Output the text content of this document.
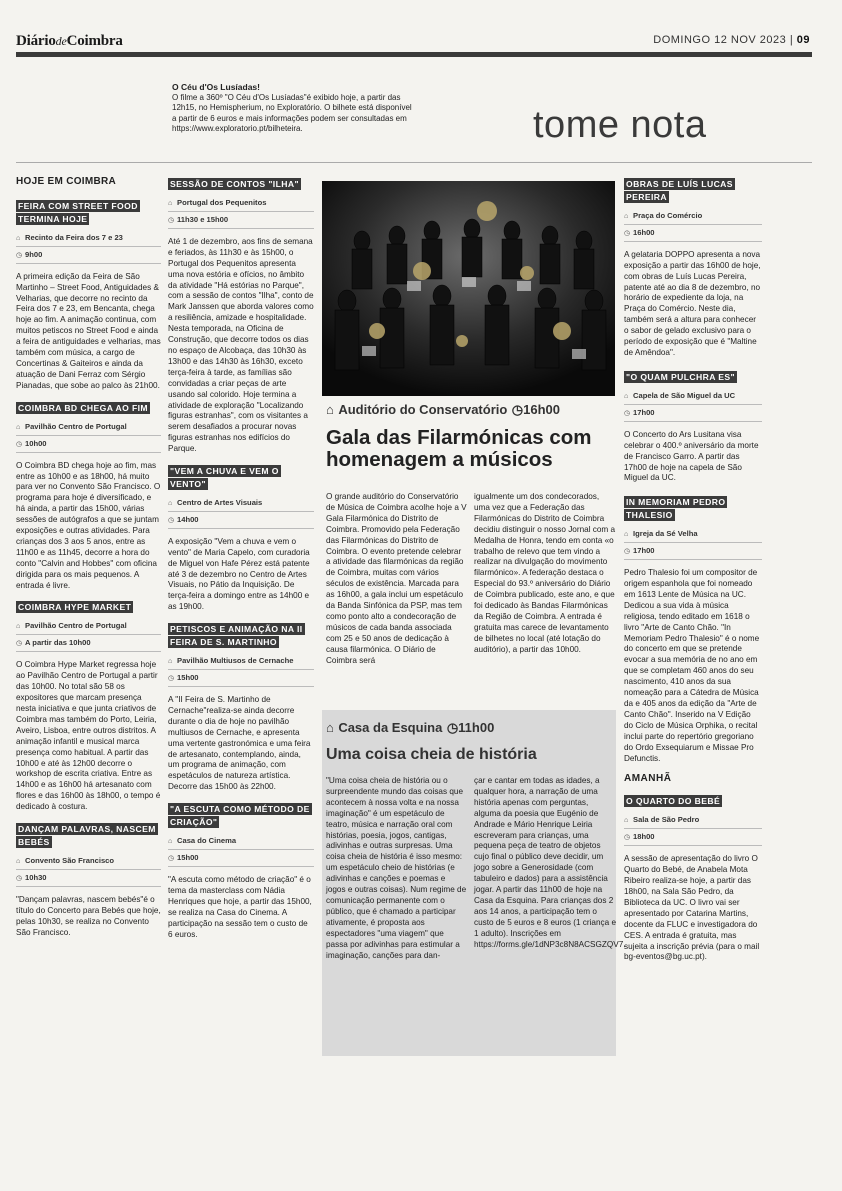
DiáriodeCoimbra	DOMINGO 12 NOV 2023 | 09
O Céu d'Os Lusíadas!
O filme a 360º "O Céu d'Os Lusíadas"é exibido hoje, a partir das 12h15, no Hemispherium, no Exploratório. O bilhete está disponível a partir de 6 euros e mais informações podem ser consultadas em https://www.exploratorio.pt/bilheteira.	tome nota
HOJE EM COIMBRA
FEIRA COM STREET FOOD TERMINA HOJE
⌂ Recinto da Feira dos 7 e 23
◷ 9h00

A primeira edição da Feira de São Martinho – Street Food, Antiguidades & Velharias, que decorre no recinto da Feira dos 7 e 23, em Bencanta, chega hoje ao fim. A animação continua, com muitos petiscos no Street Food e ainda a feira de antiguidades e velharias, mas também com música, a cargo de Concertinas & Gaiteiros e ainda da atuação de Dani Ferraz com Sérgio Pianadas, que sobe ao palco às 21h00.

COIMBRA BD CHEGA AO FIM
⌂ Pavilhão Centro de Portugal
◷ 10h00

O Coimbra BD chega hoje ao fim, mas entre as 10h00 e as 18h00, há muito para ver no Convento São Francisco. O programa para hoje é diversificado, e há ainda, a partir das 15h00, várias sessões de autógrafos a que se juntam exposições e outras atividades. Para crianças dos 3 aos 5 anos, entre as 11h00 e as 11h45, decorre a hora do conto "Calvin and Hobbes" com oficina dirigida para os mais pequenos. A entrada é livre.

COIMBRA HYPE MARKET
⌂ Pavilhão Centro de Portugal
◷ A partir das 10h00

O Coimbra Hype Market regressa hoje ao Pavilhão Centro de Portugal a partir das 10h00. No total são 58 os expositores que marcam presença nesta iniciativa e que junta criativos de Coimbra mas também do Porto, Leiria, Aveiro, Lisboa, entre outros distritos. A animação infantil e musical marca presença como habitual. A partir das 10h00 e até às 12h00 decorre o workshop de escrita criativa. Entre as 14h00 e as 16h00 há artesanato com flores e das 16h00 às 18h00, o tempo é dedicado à costura.

DANÇAM PALAVRAS, NASCEM BEBÉS
⌂ Convento São Francisco
◷ 10h30

"Dançam palavras, nascem bebés"é o título do Concerto para Bebés que hoje, pelas 10h30, se realiza no Convento São Francisco.

SESSÃO DE CONTOS "ILHA"
⌂ Portugal dos Pequenitos
◷ 11h30 e 15h00

Até 1 de dezembro, aos fins de semana e feriados, às 11h30 e às 15h00, o Portugal dos Pequenitos apresenta uma nova estória e ofícios, no âmbito da atividade "Há estórias no Parque", com a sessão de contos "Ilha", conto de Mark Janssen que aborda valores como a resiliência, amizade e hospitalidade. Nesta temporada, na Oficina de Construção, que decorre todos os dias no espaço de Alcobaça, das 10h30 às 13h00 e das 14h30 às 16h30, exceto terça-feira à tarde, as famílias são convidadas a criar peças de arte usando sal colorido. Hoje termina a atividade de exploração "Localizando figuras estranhas", com os visitantes a serem desafiados a procurar novas figuras estranhas nos edifícios do Parque.

"VEM A CHUVA E VEM O VENTO"
⌂ Centro de Artes Visuais
◷ 14h00

A exposição "Vem a chuva e vem o vento" de Maria Capelo, com curadoria de Miguel von Hafe Pérez está patente até 3 de dezembro no Centro de Artes Visuais, no Pátio da Inquisição. De terça-feira a domingo entre as 14h00 e as 19h00.

PETISCOS E ANIMAÇÃO NA II FEIRA DE S. MARTINHO
⌂ Pavilhão Multiusos de Cernache
◷ 15h00

A "II Feira de S. Martinho de Cernache"realiza-se ainda decorre durante o dia de hoje no pavilhão multiusos de Cernache, e apresenta uma vertente gastronómica e uma feira de artesanato, contemplando, ainda, um programa de animação, com espetáculos de natureza artística. Decorre das 15h00 às 22h00.

"A ESCUTA COMO MÉTODO DE CRIAÇÃO"
⌂ Casa do Cinema
◷ 15h00

"A escuta como método de criação" é o tema da masterclass com Nádia Henriques que hoje, a partir das 15h00, se realiza na Casa do Cinema. A participação na sessão tem o custo de 6 euros.

⌂ Auditório do Conservatório ◷16h00
Gala das Filarmónicas com homenagem a músicos
O grande auditório do Conservatório de Música de Coimbra acolhe hoje a V Gala Filarmónica do Distrito de Coimbra. Promovido pela Federação das Filarmónicas do Distrito de Coimbra. O evento pretende celebrar a atividade das filarmónicas da região de Coimbra, muitas com vários séculos de existência. Marcada para as 16h00, a gala inclui um espetáculo da Banda Sinfónica da PSP, mas tem como ponto alto a condecoração de músicos de cada banda associada com 25 e 50 anos de dedicação à causa filarmónica. O Diário de Coimbra será
igualmente um dos condecorados, uma vez que a Federação das Filarmónicas do Distrito de Coimbra decidiu distinguir o nosso Jornal com a Medalha de Honra, tendo em conta «o trabalho de relevo que tem vindo a realizar na divulgação do movimento filarmónico». A federação destaca o Especial do 93.º aniversário do Diário de Coimbra publicado, este ano, e que foi dedicado às Bandas Filarmónicas da Região de Coimbra. A entrada é gratuita mas carece de levantamento de bilhetes no local (até lotação do auditório), a partir das 10h00.
⌂ Casa da Esquina ◷11h00
Uma coisa cheia de história
"Uma coisa cheia de história ou o surpreendente mundo das coisas que acontecem à nossa volta e na nossa imaginação" é um espetáculo de teatro, música e narração oral com histórias, poesia, jogos, cantigas, adivinhas e outras surpresas. Uma coisa cheia de história é isso mesmo: um espetáculo cheio de histórias (e adivinhas e canções e poemas e jogos e outras coisas). Num regime de comunicação permanente com o público, que é chamado a participar ativamente, é proposta aos espectadores "uma viagem" que passa por adivinhas para estimular a imaginação, canções para dan-
çar e cantar em todas as idades, a qualquer hora, a narração de uma história apenas com perguntas, alguma da poesia que Eugénio de Andrade e Mário Henrique Leiria escreveram para crianças, uma pequena peça de teatro de objetos cujo final o público deve decidir, um jogo sobre a Generosidade (com tabuleiro e dados) para a assistência jogar. A partir das 11h00 de hoje na Casa da Esquina. Para crianças dos 2 aos 14 anos, a participação tem o custo de 5 euros e 8 euros (1 criança e 1 adulto). Inscrições em https://forms.gle/1dNP3c8N8ACSGZQV7.
OBRAS DE LUÍS LUCAS PEREIRA
⌂ Praça do Comércio
◷ 16h00

A gelataria DOPPO apresenta a nova exposição a partir das 16h00 de hoje, com obras de Luís Lucas Pereira, patente até ao dia 8 de dezembro, no horário de expediente da loja, na Praça do Comércio. Neste dia, também será a altura para conhecer o sabor de gelado exclusivo para o período de exposição que é "Maltine de Amêndoa".

"O QUAM PULCHRA ES"
⌂ Capela de São Miguel da UC
◷ 17h00

O Concerto do Ars Lusitana visa celebrar o 400.º aniversário da morte de Francisco Garro. A partir das 17h00 de hoje na capela de São Miguel da UC.

IN MEMORIAM PEDRO THALESIO
⌂ Igreja da Sé Velha
◷ 17h00

Pedro Thalesio foi um compositor de origem espanhola que foi nomeado em 1613 Lente de Música na UC. Dedicou a sua vida à música religiosa, tendo editado em 1618 o livro "Arte de Canto Chão. "In Memoriam Pedro Thalesio" é o nome do concerto em que se pretende evocar a sua memória de no ano em que se completam 460 anos do seu nascimento, 410 anos da sua nomeação para a Cátedra de Música da e 405 anos da edição da "Arte de Canto Chão". Inserido na V Edição do Ciclo de Música Orphika, o recital inclui parte do repertório gregoriano do Ordo Exsequiarum e Missae Pro Defunctis.

AMANHÃ
O QUARTO DO BEBÉ
⌂ Sala de São Pedro
◷ 18h00

A sessão de apresentação do livro O Quarto do Bebé, de Anabela Mota Ribeiro realiza-se hoje, a partir das 18h00, na Sala São Pedro, da Biblioteca da UC. O livro vai ser apresentado por Catarina Martins, docente da FLUC e investigadora do CES. A entrada é gratuita, mas sujeita a inscrição prévia (para o mail bg-eventos@bg.uc.pt).
